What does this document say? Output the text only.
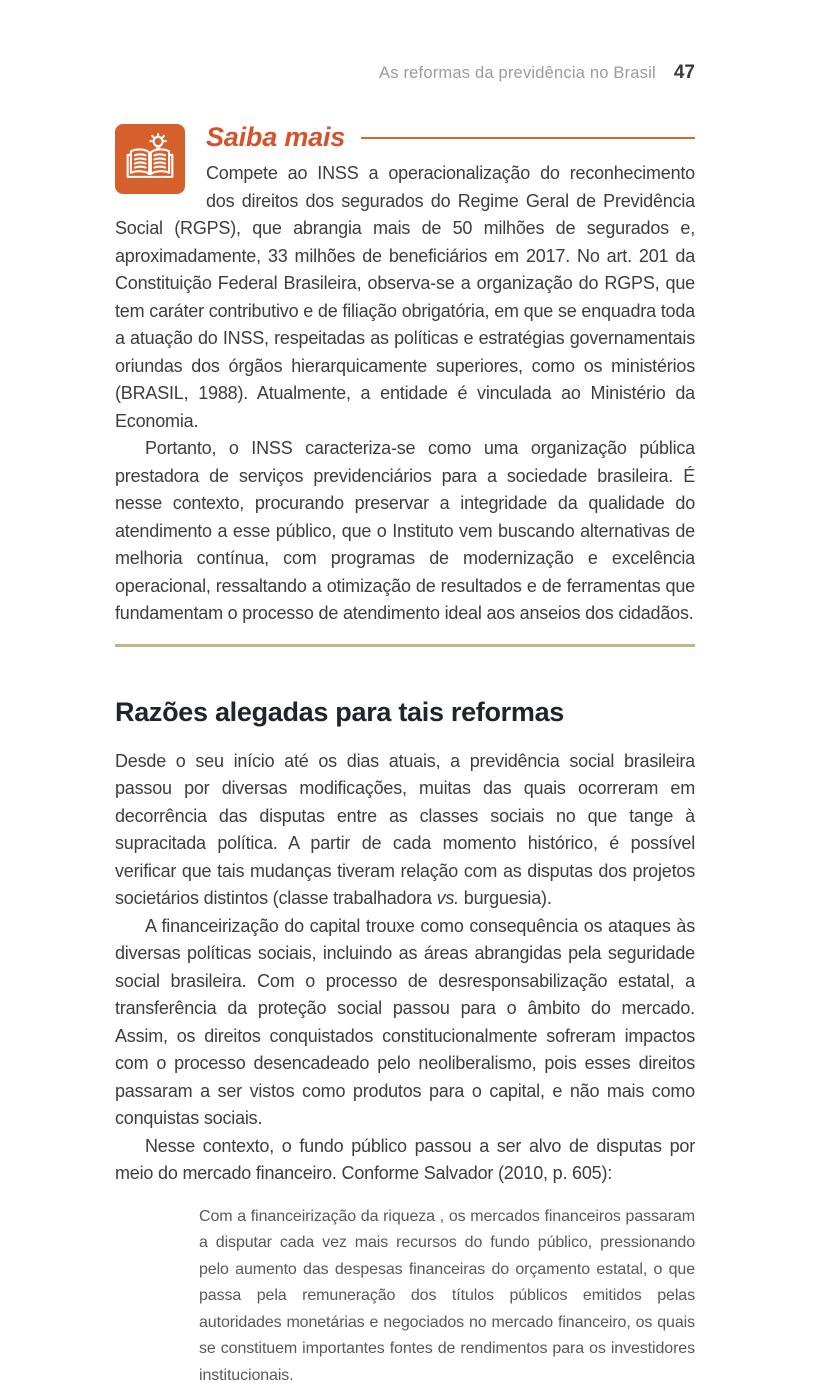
As reformas da previdência no Brasil 47
Saiba mais

Compete ao INSS a operacionalização do reconhecimento dos direitos dos segurados do Regime Geral de Previdência Social (RGPS), que abrangia mais de 50 milhões de segurados e, aproximadamente, 33 milhões de beneficiários em 2017. No art. 201 da Constituição Federal Brasileira, observa-se a organização do RGPS, que tem caráter contributivo e de filiação obrigatória, em que se enquadra toda a atuação do INSS, respeitadas as políticas e estratégias governamentais oriundas dos órgãos hierarquicamente superiores, como os ministérios (BRASIL, 1988). Atualmente, a entidade é vinculada ao Ministério da Economia.

Portanto, o INSS caracteriza-se como uma organização pública prestadora de serviços previdenciários para a sociedade brasileira. É nesse contexto, procurando preservar a integridade da qualidade do atendimento a esse público, que o Instituto vem buscando alternativas de melhoria contínua, com programas de modernização e excelência operacional, ressaltando a otimização de resultados e de ferramentas que fundamentam o processo de atendimento ideal aos anseios dos cidadãos.

Razões alegadas para tais reformas

Desde o seu início até os dias atuais, a previdência social brasileira passou por diversas modificações, muitas das quais ocorreram em decorrência das disputas entre as classes sociais no que tange à supracitada política. A partir de cada momento histórico, é possível verificar que tais mudanças tiveram relação com as disputas dos projetos societários distintos (classe trabalhadora vs. burguesia).

A financeirização do capital trouxe como consequência os ataques às diversas políticas sociais, incluindo as áreas abrangidas pela seguridade social brasileira. Com o processo de desresponsabilização estatal, a transferência da proteção social passou para o âmbito do mercado. Assim, os direitos conquistados constitucionalmente sofreram impactos com o processo desencadeado pelo neoliberalismo, pois esses direitos passaram a ser vistos como produtos para o capital, e não mais como conquistas sociais.

Nesse contexto, o fundo público passou a ser alvo de disputas por meio do mercado financeiro. Conforme Salvador (2010, p. 605):

Com a financeirização da riqueza , os mercados financeiros passaram a disputar cada vez mais recursos do fundo público, pressionando pelo aumento das despesas financeiras do orçamento estatal, o que passa pela remuneração dos títulos públicos emitidos pelas autoridades monetárias e negociados no mercado financeiro, os quais se constituem importantes fontes de rendimentos para os investidores institucionais.
